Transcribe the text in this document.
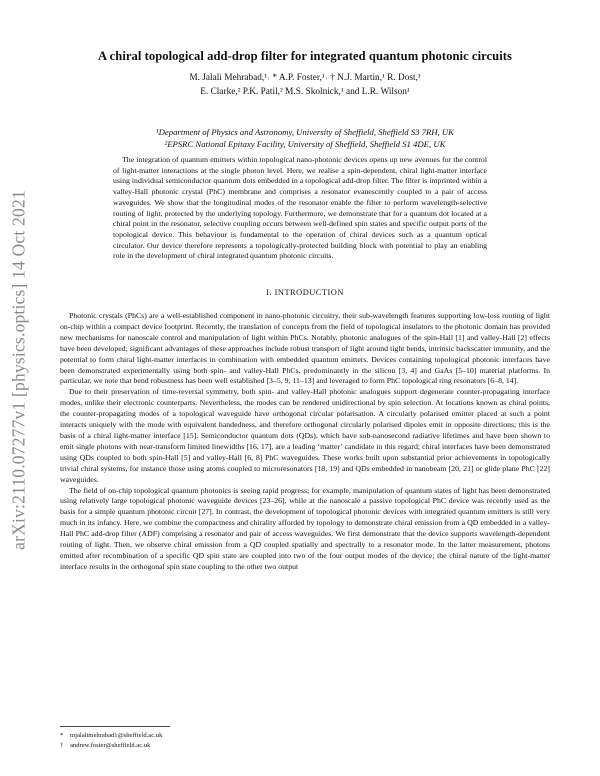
arXiv:2110.07277v1 [physics.optics] 14 Oct 2021
A chiral topological add-drop filter for integrated quantum photonic circuits
M. Jalali Mehrabad,¹˒ * A.P. Foster,¹˒ † N.J. Martin,¹ R. Dost,¹
E. Clarke,² P.K. Patil,² M.S. Skolnick,¹ and L.R. Wilson¹
¹Department of Physics and Astronomy, University of Sheffield, Sheffield S3 7RH, UK
²EPSRC National Epitaxy Facility, University of Sheffield, Sheffield S1 4DE, UK

The integration of quantum emitters within topological nano-photonic devices opens up new avenues for the control of light-matter interactions at the single photon level. Here, we realise a spin-dependent, chiral light-matter interface using individual semiconductor quantum dots embedded in a topological add-drop filter. The filter is imprinted within a valley-Hall photonic crystal (PhC) membrane and comprises a resonator evanescently coupled to a pair of access waveguides. We show that the longitudinal modes of the resonator enable the filter to perform wavelength-selective routing of light, protected by the underlying topology. Furthermore, we demonstrate that for a quantum dot located at a chiral point in the resonator, selective coupling occurs between well-defined spin states and specific output ports of the topological device. This behaviour is fundamental to the operation of chiral devices such as a quantum optical circulator. Our device therefore represents a topologically-protected building block with potential to play an enabling role in the development of chiral integrated quantum photonic circuits.

I. INTRODUCTION

Photonic crystals (PhCs) are a well-established component in nano-photonic circuitry, their sub-wavelength features supporting low-loss routing of light on-chip within a compact device footprint. Recently, the translation of concepts from the field of topological insulators to the photonic domain has provided new mechanisms for nanoscale control and manipulation of light within PhCs. Notably, photonic analogues of the spin-Hall [1] and valley-Hall [2] effects have been developed; significant advantages of these approaches include robust transport of light around tight bends, intrinsic backscatter immunity, and the potential to form chiral light-matter interfaces in combination with embedded quantum emitters. Devices containing topological photonic interfaces have been demonstrated experimentally using both spin- and valley-Hall PhCs, predominantly in the silicon [3, 4] and GaAs [5–10] material platforms. In particular, we note that bend robustness has been well established [3–5, 9, 11–13] and leveraged to form PhC topological ring resonators [6–8, 14].

Due to their preservation of time-reversal symmetry, both spin- and valley-Hall photonic analogues support degenerate counter-propagating interface modes, unlike their electronic counterparts. Nevertheless, the modes can be rendered unidirectional by spin selection. At locations known as chiral points, the counter-propagating modes of a topological waveguide have orthogonal circular polarisation. A circularly polarised emitter placed at such a point interacts uniquely with the mode with equivalent handedness, and therefore orthogonal circularly polarised dipoles emit in opposite directions; this is the basis of a chiral light-matter interface [15]. Semiconductor quantum dots (QDs), which have sub-nanosecond radiative lifetimes and have been shown to emit single photons with near-transform limited linewidths [16, 17], are a leading ‘matter’ candidate in this regard; chiral interfaces have been demonstrated using QDs coupled to both spin-Hall [5] and valley-Hall [6, 8] PhC waveguides. These works built upon substantial prior achievements in topologically trivial chiral systems, for instance those using atoms coupled to microresonators [18, 19] and QDs embedded in nanobeam [20, 21] or glide plane PhC [22] waveguides.

The field of on-chip topological quantum photonics is seeing rapid progress; for example, manipulation of quantum states of light has been demonstrated using relatively large topological photonic waveguide devices [23–26], while at the nanoscale a passive topological PhC device was recently used as the basis for a simple quantum photonic circuit [27]. In contrast, the development of topological photonic devices with integrated quantum emitters is still very much in its infancy. Here, we combine the compactness and chirality afforded by topology to demonstrate chiral emission from a QD embedded in a valley-Hall PhC add-drop filter (ADF) comprising a resonator and pair of access waveguides. We first demonstrate that the device supports wavelength-dependent routing of light. Then, we observe chiral emission from a QD coupled spatially and spectrally to a resonator mode. In the latter measurement, photons emitted after recombination of a specific QD spin state are coupled into two of the four output modes of the device; the chiral nature of the light-matter interface results in the orthogonal spin state coupling to the other two output

* mjalalimehrabad1@sheffield.ac.uk
† andrew.foster@sheffield.ac.uk
